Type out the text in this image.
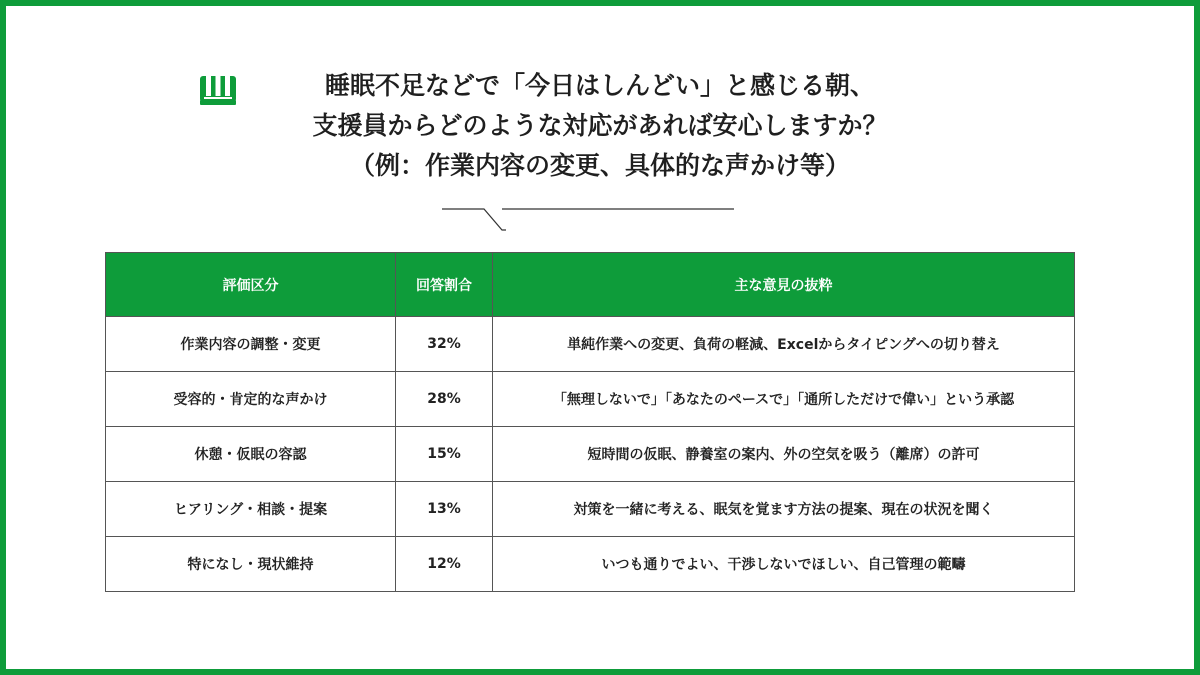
睡眠不足などで「今日はしんどい」と感じる朝、
支援員からどのような対応があれば安心しますか？
（例：作業内容の変更、具体的な声かけ等）
評価区分	回答割合	主な意見の抜粋
作業内容の調整・変更	32%	単純作業への変更、負荷の軽減、Excelからタイピングへの切り替え
受容的・肯定的な声かけ	28%	「無理しないで」「あなたのペースで」「通所しただけで偉い」という承認
休憩・仮眠の容認	15%	短時間の仮眠、静養室の案内、外の空気を吸う（離席）の許可
ヒアリング・相談・提案	13%	対策を一緒に考える、眠気を覚ます方法の提案、現在の状況を聞く
特になし・現状維持	12%	いつも通りでよい、干渉しないでほしい、自己管理の範疇
